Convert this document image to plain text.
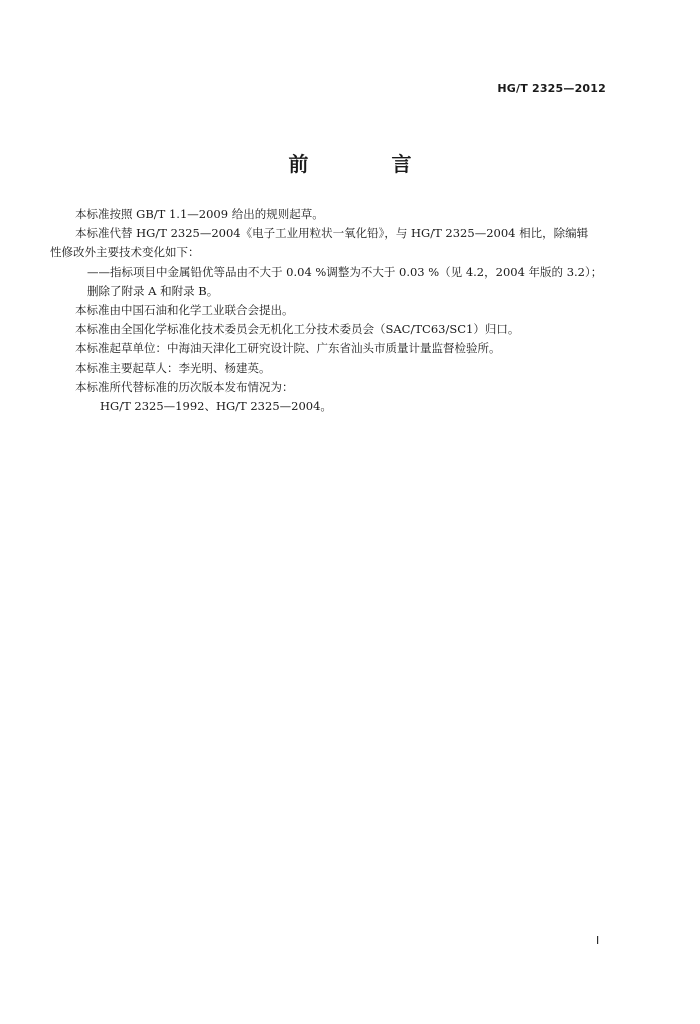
HG/T 2325—2012
前 言

本标准按照 GB/T 1.1—2009 给出的规则起草。

本标准代替 HG/T 2325—2004《电子工业用粒状一氧化铅》，与 HG/T 2325—2004 相比，除编辑

性修改外主要技术变化如下：

——指标项目中金属铅优等品由不大于 0.04 %调整为不大于 0.03 %（见 4.2，2004 年版的 3.2）；

删除了附录 A 和附录 B。

本标准由中国石油和化学工业联合会提出。

本标准由全国化学标准化技术委员会无机化工分技术委员会（SAC/TC63/SC1）归口。

本标准起草单位：中海油天津化工研究设计院、广东省汕头市质量计量监督检验所。

本标准主要起草人：李光明、杨建英。

本标准所代替标准的历次版本发布情况为：

HG/T 2325—1992、HG/T 2325—2004。

I
